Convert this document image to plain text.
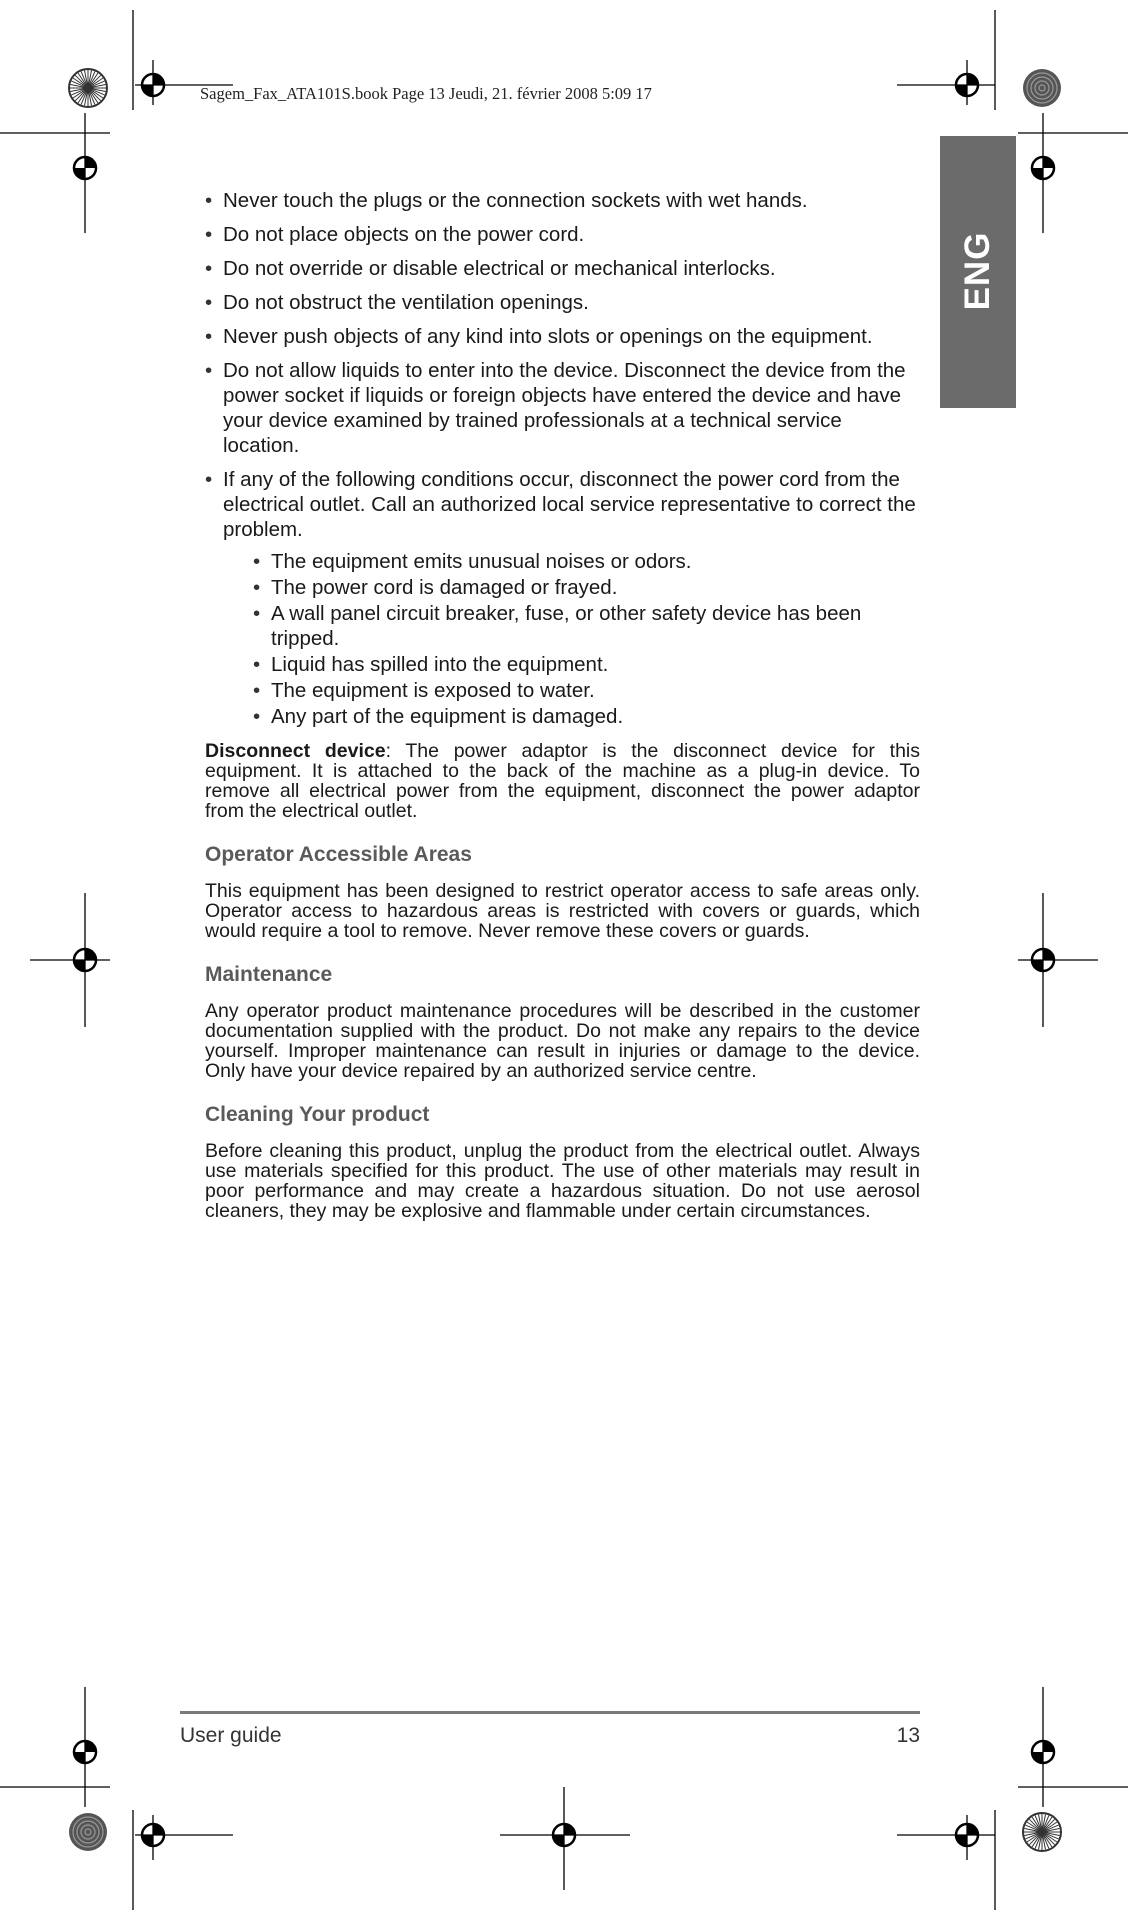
Sagem_Fax_ATA101S.book Page 13 Jeudi, 21. février 2008 5:09 17
ENG
• Never touch the plugs or the connection sockets with wet hands.
• Do not place objects on the power cord.
• Do not override or disable electrical or mechanical interlocks.
• Do not obstruct the ventilation openings.
• Never push objects of any kind into slots or openings on the equipment.
• Do not allow liquids to enter into the device. Disconnect the device from the power socket if liquids or foreign objects have entered the device and have your device examined by trained professionals at a technical service location.
• If any of the following conditions occur, disconnect the power cord from the electrical outlet. Call an authorized local service representative to correct the problem.
• The equipment emits unusual noises or odors.
• The power cord is damaged or frayed.
• A wall panel circuit breaker, fuse, or other safety device has been tripped.
• Liquid has spilled into the equipment.
• The equipment is exposed to water.
• Any part of the equipment is damaged.

Disconnect device: The power adaptor is the disconnect device for this equipment. It is attached to the back of the machine as a plug-in device. To remove all electrical power from the equipment, disconnect the power adaptor from the electrical outlet.

Operator Accessible Areas

This equipment has been designed to restrict operator access to safe areas only. Operator access to hazardous areas is restricted with covers or guards, which would require a tool to remove. Never remove these covers or guards.

Maintenance

Any operator product maintenance procedures will be described in the customer documentation supplied with the product. Do not make any repairs to the device yourself. Improper maintenance can result in injuries or damage to the device. Only have your device repaired by an authorized service centre.

Cleaning Your product

Before cleaning this product, unplug the product from the electrical outlet. Always use materials specified for this product. The use of other materials may result in poor performance and may create a hazardous situation. Do not use aerosol cleaners, they may be explosive and flammable under certain circumstances.

User guide	13
